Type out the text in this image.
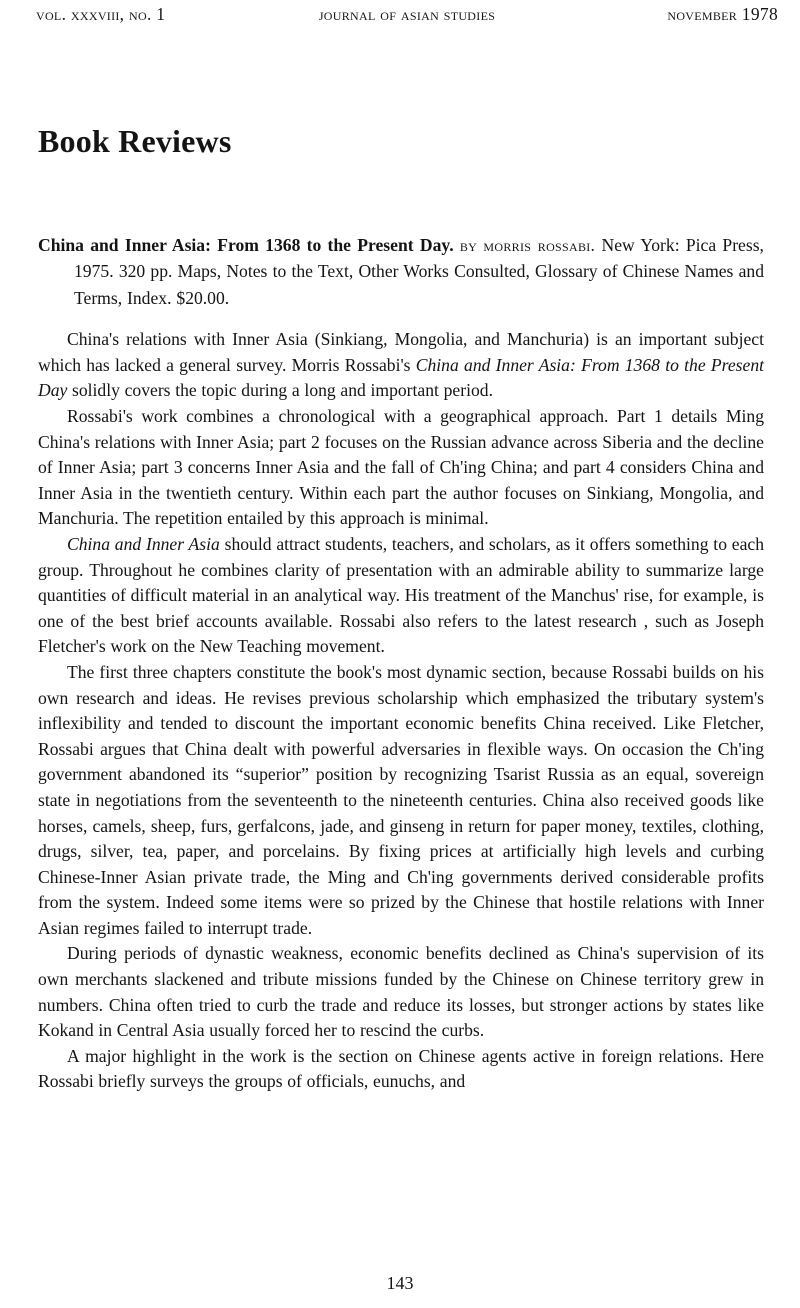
vol. xxxviii, no. 1	journal of asian studies	november 1978
Book Reviews

China and Inner Asia: From 1368 to the Present Day. by morris rossabi. New York: Pica Press, 1975. 320 pp. Maps, Notes to the Text, Other Works Consulted, Glossary of Chinese Names and Terms, Index. $20.00.

China's relations with Inner Asia (Sinkiang, Mongolia, and Manchuria) is an important subject which has lacked a general survey. Morris Rossabi's China and Inner Asia: From 1368 to the Present Day solidly covers the topic during a long and important period.

Rossabi's work combines a chronological with a geographical approach. Part 1 details Ming China's relations with Inner Asia; part 2 focuses on the Russian advance across Siberia and the decline of Inner Asia; part 3 concerns Inner Asia and the fall of Ch'ing China; and part 4 considers China and Inner Asia in the twentieth century. Within each part the author focuses on Sinkiang, Mongolia, and Manchuria. The repetition entailed by this approach is minimal.

China and Inner Asia should attract students, teachers, and scholars, as it offers something to each group. Throughout he combines clarity of presentation with an admirable ability to summarize large quantities of difficult material in an analytical way. His treatment of the Manchus' rise, for example, is one of the best brief accounts available. Rossabi also refers to the latest research , such as Joseph Fletcher's work on the New Teaching movement.

The first three chapters constitute the book's most dynamic section, because Rossabi builds on his own research and ideas. He revises previous scholarship which emphasized the tributary system's inflexibility and tended to discount the important economic benefits China received. Like Fletcher, Rossabi argues that China dealt with powerful adversaries in flexible ways. On occasion the Ch'ing government abandoned its “superior” position by recognizing Tsarist Russia as an equal, sovereign state in negotiations from the seventeenth to the nineteenth centuries. China also received goods like horses, camels, sheep, furs, gerfalcons, jade, and ginseng in return for paper money, textiles, clothing, drugs, silver, tea, paper, and porcelains. By fixing prices at artificially high levels and curbing Chinese-Inner Asian private trade, the Ming and Ch'ing governments derived considerable profits from the system. Indeed some items were so prized by the Chinese that hostile relations with Inner Asian regimes failed to interrupt trade.

During periods of dynastic weakness, economic benefits declined as China's supervision of its own merchants slackened and tribute missions funded by the Chinese on Chinese territory grew in numbers. China often tried to curb the trade and reduce its losses, but stronger actions by states like Kokand in Central Asia usually forced her to rescind the curbs.

A major highlight in the work is the section on Chinese agents active in foreign relations. Here Rossabi briefly surveys the groups of officials, eunuchs, and

143
